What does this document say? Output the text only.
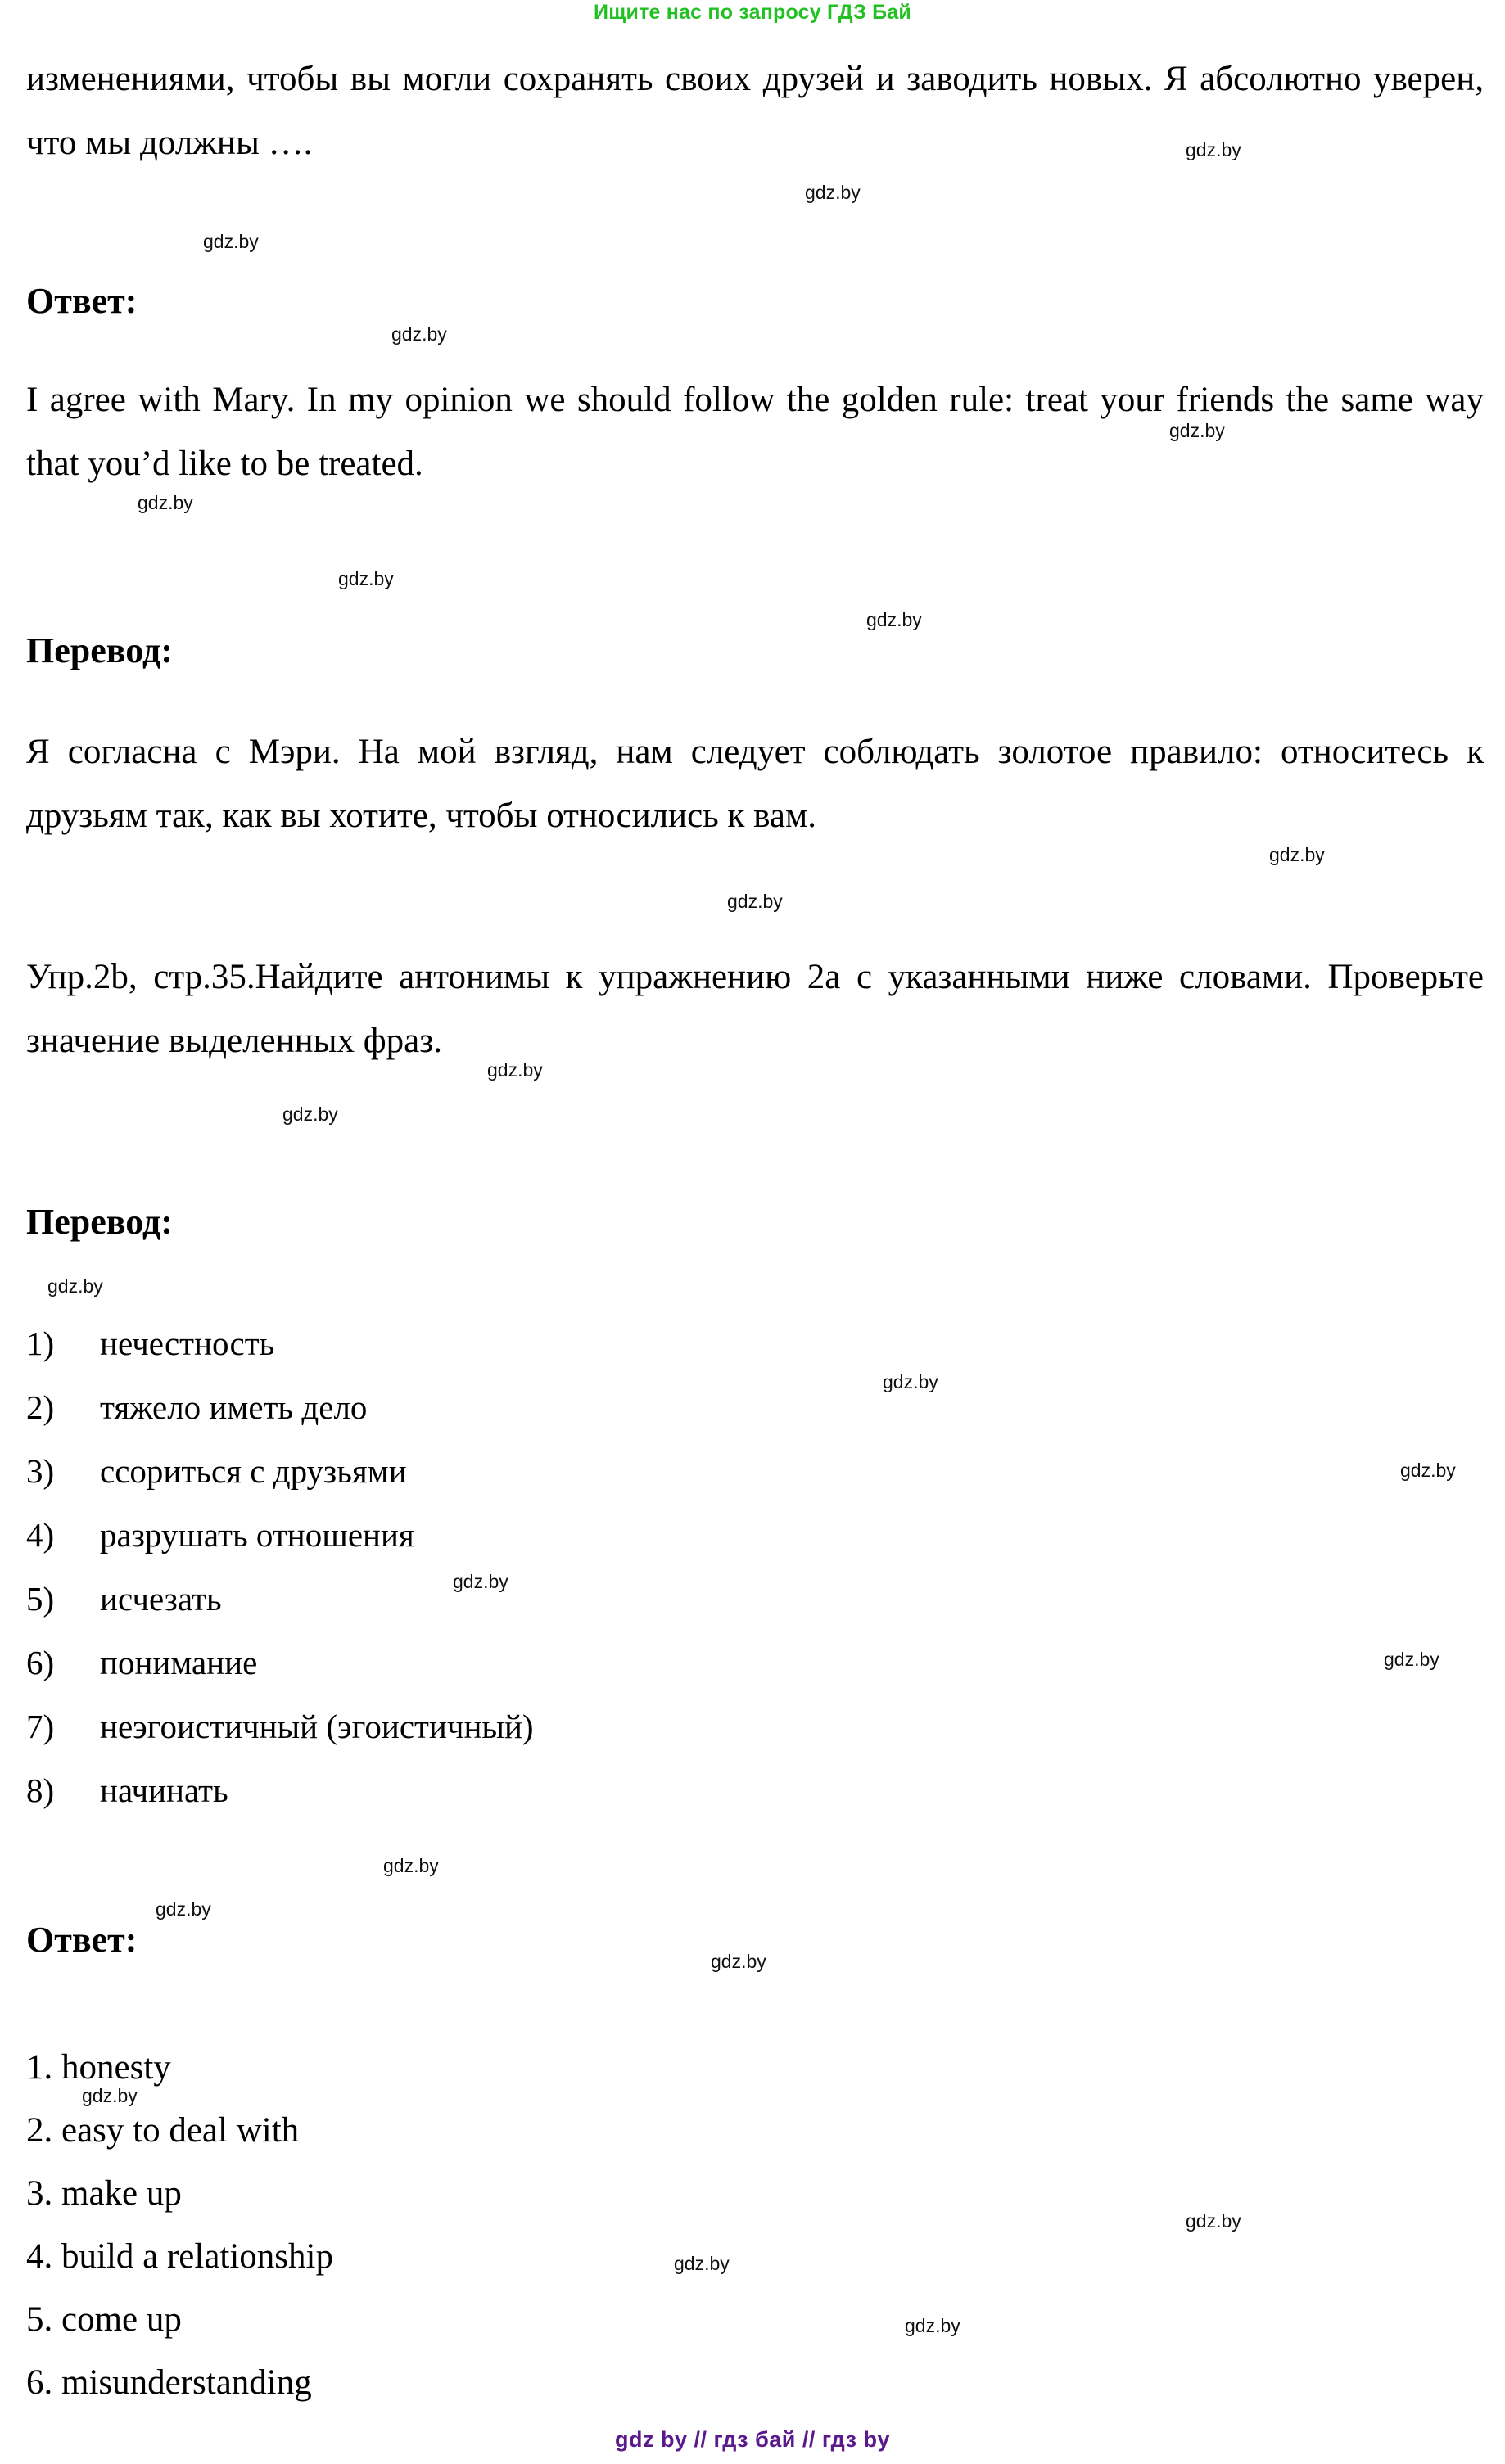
Ищите нас по запросу ГДЗ Бай
изменениями, чтобы вы могли сохранять своих друзей и заводить новых. Я абсолютно уверен, что мы должны ….
Ответ:
I agree with Mary. In my opinion we should follow the golden rule: treat your friends the same way that you’d like to be treated.
Перевод:
Я согласна с Мэри. На мой взгляд, нам следует соблюдать золотое правило: относитесь к друзьям так, как вы хотите, чтобы относились к вам.
Упр.2b, стр.35.Найдите антонимы к упражнению 2a с указанными ниже словами. Проверьте значение выделенных фраз.
Перевод:
1)	нечестность
2)	тяжело иметь дело
3)	ссориться с друзьями
4)	разрушать отношения
5)	исчезать
6)	понимание
7)	неэгоистичный (эгоистичный)
8)	начинать
Ответ:
1. honesty
2. easy to deal with
3. make up
4. build a relationship
5. come up
6. misunderstanding
gdz.by
gdz.by
gdz.by
gdz.by
gdz.by
gdz.by
gdz.by
gdz.by
gdz.by
gdz.by
gdz.by
gdz.by
gdz.by
gdz.by
gdz.by
gdz.by
gdz.by
gdz.by
gdz.by
gdz.by
gdz.by
gdz.by
gdz.by
gdz.by
gdz by // гдз бай // гдз by
